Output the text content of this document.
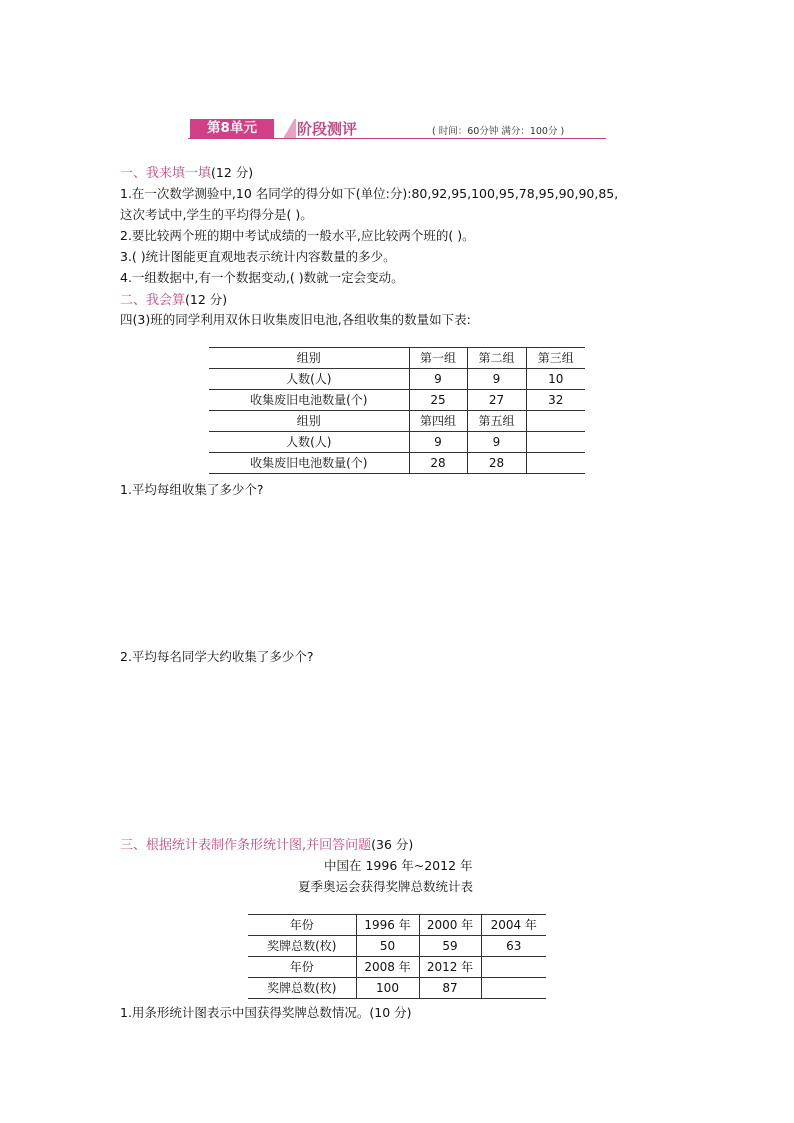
第8单元	阶段测评	( 时间：60分钟 满分：100分 )
一、我来填一填(12 分)
1.在一次数学测验中,10 名同学的得分如下(单位:分):80,92,95,100,95,78,95,90,90,85,
这次考试中,学生的平均得分是( )。
2.要比较两个班的期中考试成绩的一般水平,应比较两个班的( )。
3.( )统计图能更直观地表示统计内容数量的多少。
4.一组数据中,有一个数据变动,( )数就一定会变动。
二、我会算(12 分)
四(3)班的同学利用双休日收集废旧电池,各组收集的数量如下表:
组别	第一组	第二组	第三组
人数(人)	9	9	10
收集废旧电池数量(个)	25	27	32
组别	第四组	第五组	
人数(人)	9	9	
收集废旧电池数量(个)	28	28	
1.平均每组收集了多少个?
2.平均每名同学大约收集了多少个?
三、根据统计表制作条形统计图,并回答问题(36 分)
中国在 1996 年~2012 年
夏季奥运会获得奖牌总数统计表
年份	1996 年	2000 年	2004 年
奖牌总数(枚)	50	59	63
年份	2008 年	2012 年	
奖牌总数(枚)	100	87	
1.用条形统计图表示中国获得奖牌总数情况。(10 分)
